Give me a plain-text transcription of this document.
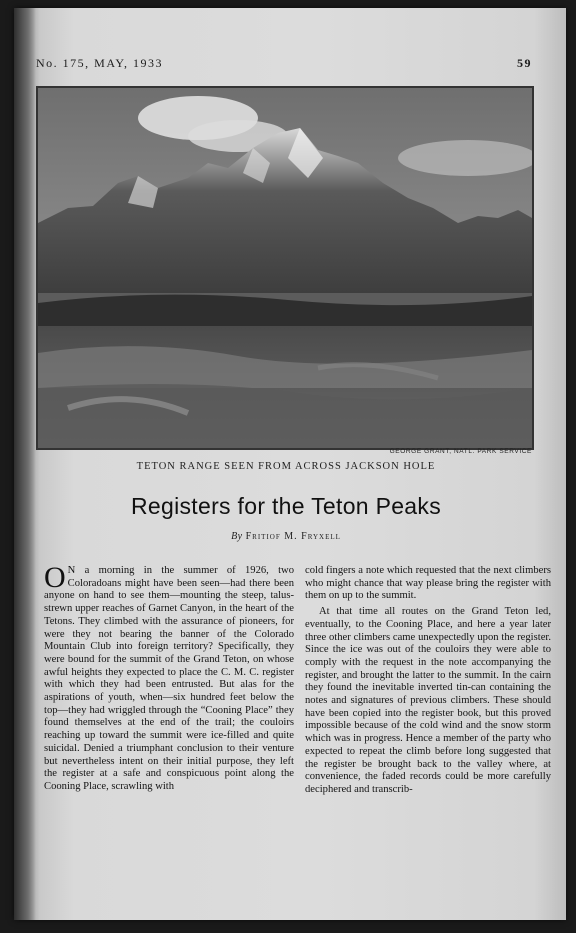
No. 175, MAY, 1933	59
GEORGE GRANT, NATL. PARK SERVICE
TETON RANGE SEEN FROM ACROSS JACKSON HOLE
Registers for the Teton Peaks
By Fritiof M. Fryxell

O N a morning in the summer of 1926, two Coloradoans might have been seen—had there been anyone on hand to see them—mounting the steep, talus-strewn upper reaches of Garnet Canyon, in the heart of the Tetons. They climbed with the assurance of pioneers, for were they not bearing the banner of the Colorado Mountain Club into foreign territory? Specifically, they were bound for the summit of the Grand Teton, on whose awful heights they expected to place the C. M. C. register with which they had been entrusted. But alas for the aspirations of youth, when—six hundred feet below the top—they had wriggled through the “Cooning Place” they found themselves at the end of the trail; the couloirs reaching up toward the summit were ice-filled and quite suicidal. Denied a triumphant conclusion to their venture but nevertheless intent on their initial purpose, they left the register at a safe and conspicuous point along the Cooning Place, scrawling with

cold fingers a note which requested that the next climbers who might chance that way please bring the register with them on up to the summit.

At that time all routes on the Grand Teton led, eventually, to the Cooning Place, and here a year later three other climbers came unexpectedly upon the register. Since the ice was out of the couloirs they were able to comply with the request in the note accompanying the register, and brought the latter to the summit. In the cairn they found the inevitable inverted tin-can containing the notes and signatures of previous climbers. These should have been copied into the register book, but this proved impossible because of the cold wind and the snow storm which was in progress. Hence a member of the party who expected to repeat the climb before long suggested that the register be brought back to the valley where, at convenience, the faded records could be more carefully deciphered and transcrib-
